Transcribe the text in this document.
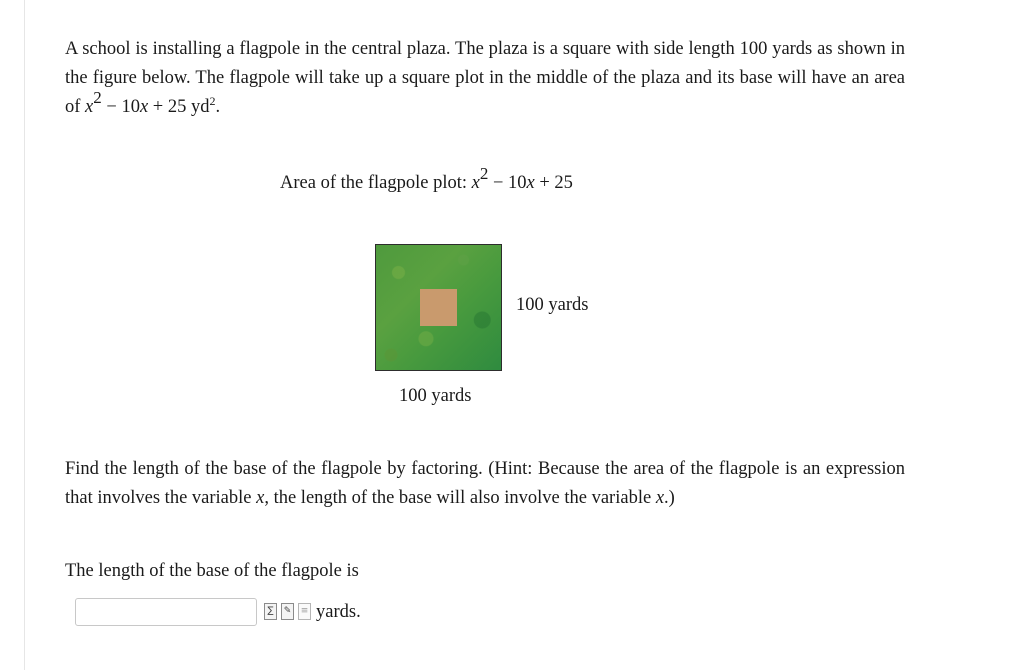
A school is installing a flagpole in the central plaza. The plaza is a square with side length 100 yards as shown in the figure below. The flagpole will take up a square plot in the middle of the plaza and its base will have an area of $x^2 - 10x + 25$ $yd^2$.
Area of the flagpole plot: $x^2 - 10x + 25$
100 yards
100 yards
Find the length of the base of the flagpole by factoring. (Hint: Because the area of the flagpole is an expression that involves the variable x, the length of the base will also involve the variable x.)
The length of the base of the flagpole is
∑	✎	≡ yards.
